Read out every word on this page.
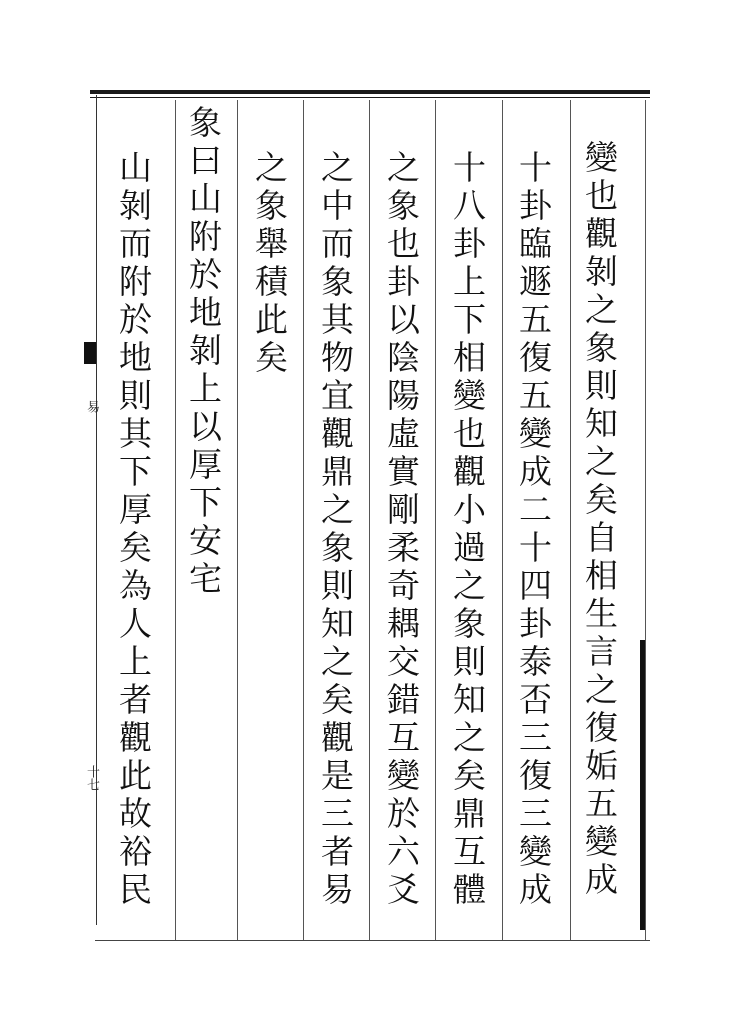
易
十七	變也觀剝之象則知之矣自相生言之復姤五變成
十卦臨遯五復五變成二十四卦泰否三復三變成
十八卦上下相變也觀小過之象則知之矣鼎互體
之象也卦以陰陽虛實剛柔奇耦交錯互變於六爻
之中而象其物宜觀鼎之象則知之矣觀是三者易
之象舉積此矣
象曰山附於地剝上以厚下安宅
山剝而附於地則其下厚矣為人上者觀此故裕民
